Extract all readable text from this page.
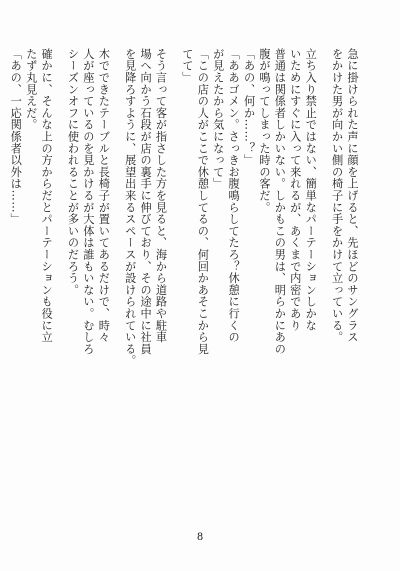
急に掛けられた声に顔を上げると、先ほどのサングラス
をかけた男が向かい側の椅子に手をかけて立っている。
立ち入り禁止ではない、簡単なパーテーションしかな
いためにすぐに入って来れるが、あくまで内密であり
普通は関係者しかいない。しかもこの男は、明らかにあの
腹が鳴ってしまった時の客だ。
「あの、何か……？」
「ああゴメン。さっきお腹鳴らしてたろ？休憩に行くの
が見えたから気になって」
「この店の人がここで休憩してるの、何回かあそこから見
てて」
そう言って客が指さした方を見ると、海から道路や駐車
場へ向かう石段が店の裏手に伸びており、その途中に社員
を見降ろすように、展望出来るスペースが設けられている。
木でできたテーブルと長椅子が置いてあるだけで、時々
人が座っているのを見かけるが大体は誰もいない。むしろ
シーズンオフに使われることが多いのだろう。
確かに、そんな上の方からだとパーテーションも役に立
たず丸見えだ。
「あの、一応関係者以外は……」
8
